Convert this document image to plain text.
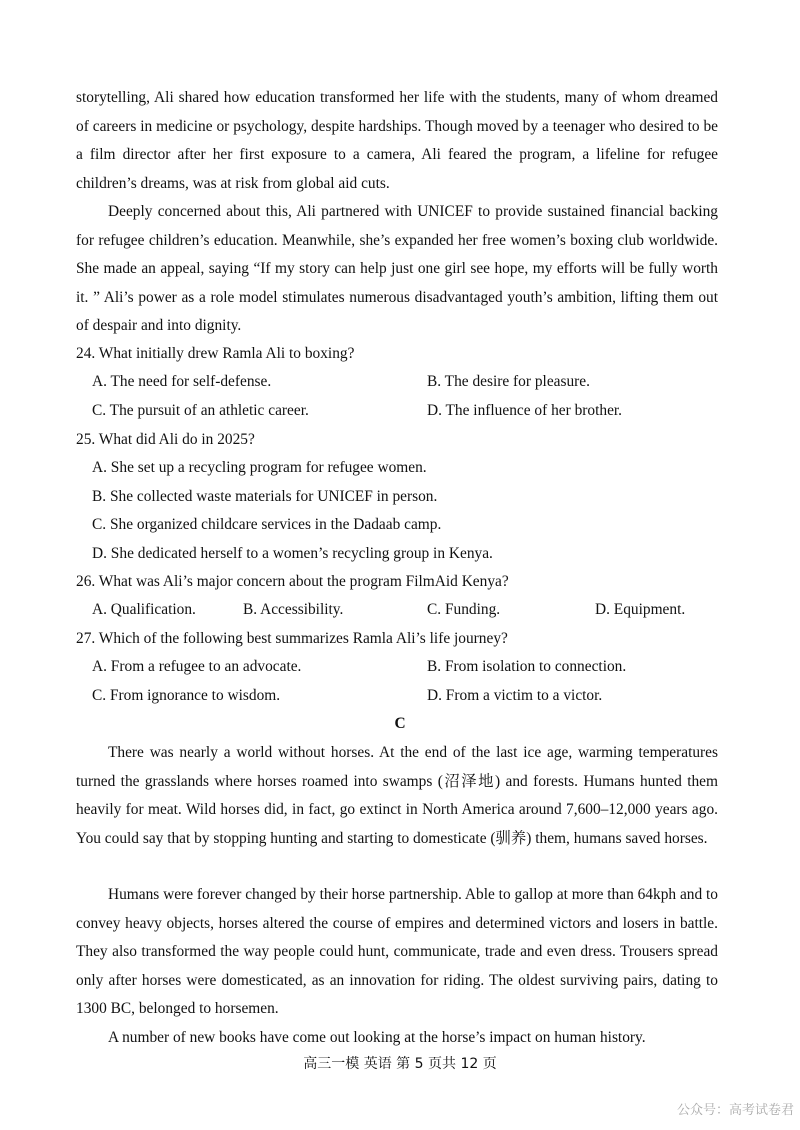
storytelling, Ali shared how education transformed her life with the students, many of whom dreamed of careers in medicine or psychology, despite hardships. Though moved by a teenager who desired to be a film director after her first exposure to a camera, Ali feared the program, a lifeline for refugee children’s dreams, was at risk from global aid cuts.

Deeply concerned about this, Ali partnered with UNICEF to provide sustained financial backing for refugee children’s education. Meanwhile, she’s expanded her free women’s boxing club worldwide. She made an appeal, saying “If my story can help just one girl see hope, my efforts will be fully worth it. ” Ali’s power as a role model stimulates numerous disadvantaged youth’s ambition, lifting them out of despair and into dignity.

24. What initially drew Ramla Ali to boxing?

A. The need for self-defense.	B. The desire for pleasure.

C. The pursuit of an athletic career.	D. The influence of her brother.

25. What did Ali do in 2025?

A. She set up a recycling program for refugee women.

B. She collected waste materials for UNICEF in person.

C. She organized childcare services in the Dadaab camp.

D. She dedicated herself to a women’s recycling group in Kenya.

26. What was Ali’s major concern about the program FilmAid Kenya?

A. Qualification.	B. Accessibility.	C. Funding.	D. Equipment.

27. Which of the following best summarizes Ramla Ali’s life journey?

A. From a refugee to an advocate.	B. From isolation to connection.

C. From ignorance to wisdom.	D. From a victim to a victor.

C

There was nearly a world without horses. At the end of the last ice age, warming temperatures turned the grasslands where horses roamed into swamps (沼泽地) and forests. Humans hunted them heavily for meat. Wild horses did, in fact, go extinct in North America around 7,600–12,000 years ago. You could say that by stopping hunting and starting to domesticate (驯养) them, humans saved horses.

Humans were forever changed by their horse partnership. Able to gallop at more than 64kph and to convey heavy objects, horses altered the course of empires and determined victors and losers in battle. They also transformed the way people could hunt, communicate, trade and even dress. Trousers spread only after horses were domesticated, as an innovation for riding. The oldest surviving pairs, dating to 1300 BC, belonged to horsemen.

A number of new books have come out looking at the horse’s impact on human history.

高三一模 英语 第 5 页共 12 页

公众号：高考试卷君
